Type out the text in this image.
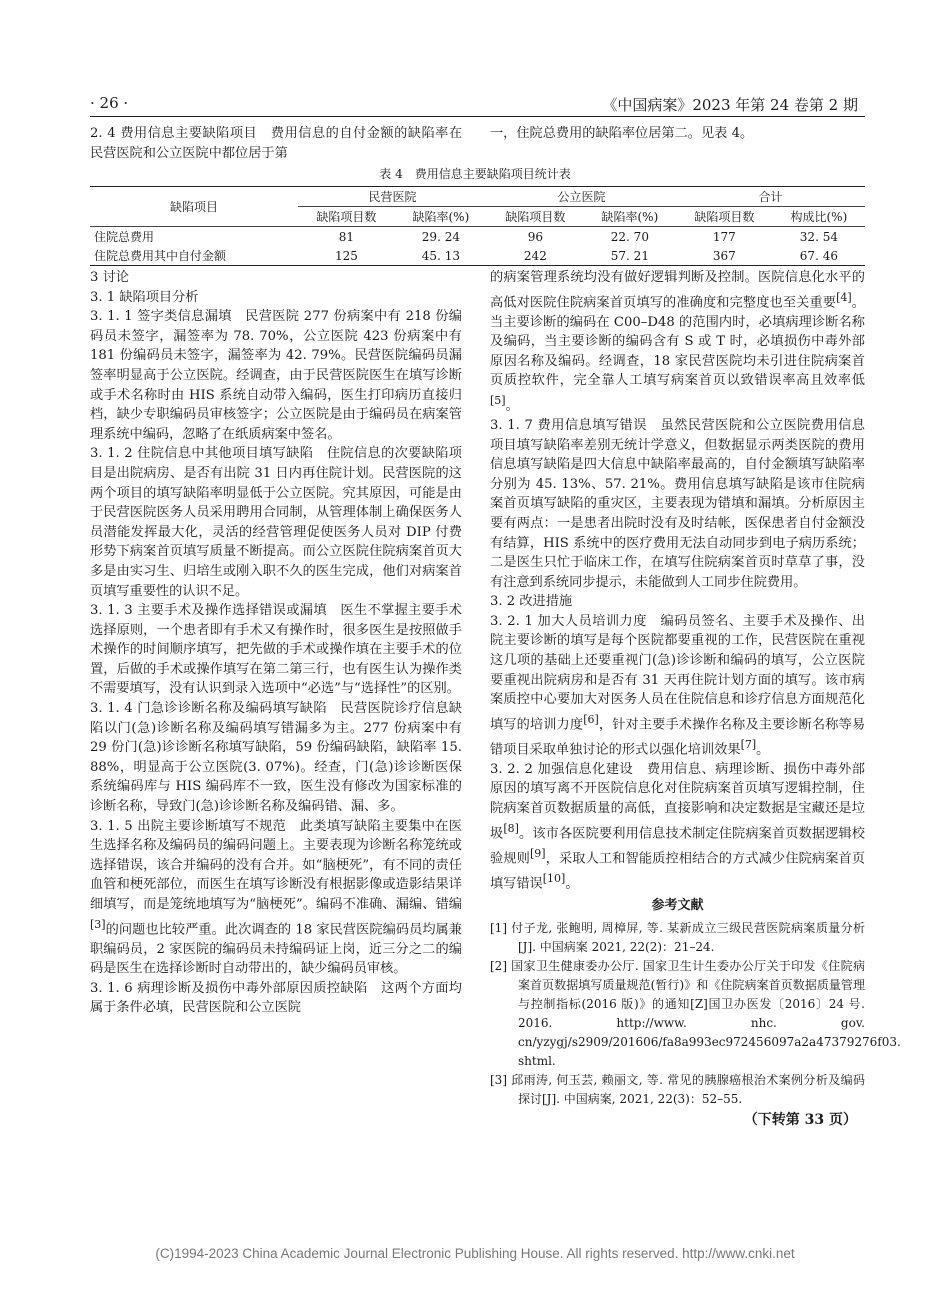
· 26 ·	《中国病案》2023 年第 24 卷第 2 期

2. 4 费用信息主要缺陷项目　 费用信息的自付金额的缺陷率在民营医院和公立医院中都位居于第

一，住院总费用的缺陷率位居第二。见表 4。

表 4　费用信息主要缺陷项目统计表
缺陷项目	民营医院		公立医院		合计	
	缺陷项目数	缺陷率(%)	缺陷项目数	缺陷率(%)	缺陷项目数	构成比(%)
住院总费用	81	29. 24	96	22. 70	177	32. 54
住院总费用其中自付金额	125	45. 13	242	57. 21	367	67. 46

3 讨论

3. 1 缺陷项目分析

3. 1. 1 签字类信息漏填　民营医院 277 份病案中有 218 份编码员未签字，漏签率为 78. 70%，公立医院 423 份病案中有 181 份编码员未签字，漏签率为 42. 79%。民营医院编码员漏签率明显高于公立医院。经调查，由于民营医院医生在填写诊断或手术名称时由 HIS 系统自动带入编码，医生打印病历直接归档，缺少专职编码员审核签字；公立医院是由于编码员在病案管理系统中编码，忽略了在纸质病案中签名。

3. 1. 2 住院信息中其他项目填写缺陷　住院信息的次要缺陷项目是出院病房、是否有出院 31 日内再住院计划。民营医院的这两个项目的填写缺陷率明显低于公立医院。究其原因，可能是由于民营医院医务人员采用聘用合同制，从管理体制上确保医务人员潜能发挥最大化，灵活的经营管理促使医务人员对 DIP 付费形势下病案首页填写质量不断提高。而公立医院住院病案首页大多是由实习生、归培生或刚入职不久的医生完成，他们对病案首页填写重要性的认识不足。

3. 1. 3 主要手术及操作选择错误或漏填　医生不掌握主要手术选择原则，一个患者即有手术又有操作时，很多医生是按照做手术操作的时间顺序填写，把先做的手术或操作填在主要手术的位置，后做的手术或操作填写在第二第三行，也有医生认为操作类不需要填写，没有认识到录入选项中“必选”与“选择性”的区别。

3. 1. 4 门急诊诊断名称及编码填写缺陷　民营医院诊疗信息缺陷以门(急)诊断名称及编码填写错漏多为主。277 份病案中有 29 份门(急)诊诊断名称填写缺陷，59 份编码缺陷，缺陷率 15. 88%，明显高于公立医院(3. 07%)。经查，门(急)诊诊断医保系统编码库与 HIS 编码库不一致，医生没有修改为国家标准的诊断名称，导致门(急)诊诊断名称及编码错、漏、多。

3. 1. 5 出院主要诊断填写不规范　此类填写缺陷主要集中在医生选择名称及编码员的编码问题上。主要表现为诊断名称笼统或选择错误，该合并编码的没有合并。如“脑梗死”，有不同的责任血管和梗死部位，而医生在填写诊断没有根据影像或造影结果详细填写，而是笼统地填写为“脑梗死”。编码不准确、漏编、错编[3]的问题也比较严重。此次调查的 18 家民营医院编码员均属兼职编码员，2 家医院的编码员未持编码证上岗，近三分之二的编码是医生在选择诊断时自动带出的，缺少编码员审核。

3. 1. 6 病理诊断及损伤中毒外部原因质控缺陷　这两个方面均属于条件必填，民营医院和公立医院

的病案管理系统均没有做好逻辑判断及控制。医院信息化水平的高低对医院住院病案首页填写的准确度和完整度也至关重要[4]。当主要诊断的编码在 C00–D48 的范围内时，必填病理诊断名称及编码，当主要诊断的编码含有 S 或 T 时，必填损伤中毒外部原因名称及编码。经调查，18 家民营医院均未引进住院病案首页质控软件，完全靠人工填写病案首页以致错误率高且效率低[5]。

3. 1. 7 费用信息填写错误　虽然民营医院和公立医院费用信息项目填写缺陷率差别无统计学意义，但数据显示两类医院的费用信息填写缺陷是四大信息中缺陷率最高的，自付金额填写缺陷率分别为 45. 13%、57. 21%。费用信息填写缺陷是该市住院病案首页填写缺陷的重灾区，主要表现为错填和漏填。分析原因主要有两点：一是患者出院时没有及时结帐，医保患者自付金额没有结算，HIS 系统中的医疗费用无法自动同步到电子病历系统；二是医生只忙于临床工作，在填写住院病案首页时草草了事，没有注意到系统同步提示，未能做到人工同步住院费用。

3. 2 改进措施

3. 2. 1 加大人员培训力度　编码员签名、主要手术及操作、出院主要诊断的填写是每个医院都要重视的工作，民营医院在重视这几项的基础上还要重视门(急)诊诊断和编码的填写，公立医院要重视出院病房和是否有 31 天再住院计划方面的填写。该市病案质控中心要加大对医务人员在住院信息和诊疗信息方面规范化填写的培训力度[6]，针对主要手术操作名称及主要诊断名称等易错项目采取单独讨论的形式以强化培训效果[7]。

3. 2. 2 加强信息化建设　费用信息、病理诊断、损伤中毒外部原因的填写离不开医院信息化对住院病案首页填写逻辑控制，住院病案首页数据质量的高低，直接影响和决定数据是宝藏还是垃圾[8]。该市各医院要利用信息技术制定住院病案首页数据逻辑校验规则[9]，采取人工和智能质控相结合的方式减少住院病案首页填写错误[10]。

参考文献

[1] 付子龙, 张鲍明, 周樟屏, 等. 某新成立三级民营医院病案质量分析[J]. 中国病案 2021, 22(2)：21–24.

[2] 国家卫生健康委办公厅. 国家卫生计生委办公厅关于印发《住院病案首页数据填写质量规范(暂行)》和《住院病案首页数据质量管理与控制指标(2016 版)》的通知[Z]国卫办医发〔2016〕24 号. 2016. http://www. nhc. gov. cn/yzygj/s2909/201606/fa8a993ec972456097a2a47379276f03. shtml.

[3] 邱雨涛, 何玉芸, 赖丽文, 等. 常见的胰腺癌根治术案例分析及编码探讨[J]. 中国病案, 2021, 22(3)：52–55.

（下转第 33 页）
(C)1994-2023 China Academic Journal Electronic Publishing House. All rights reserved. http://www.cnki.net
